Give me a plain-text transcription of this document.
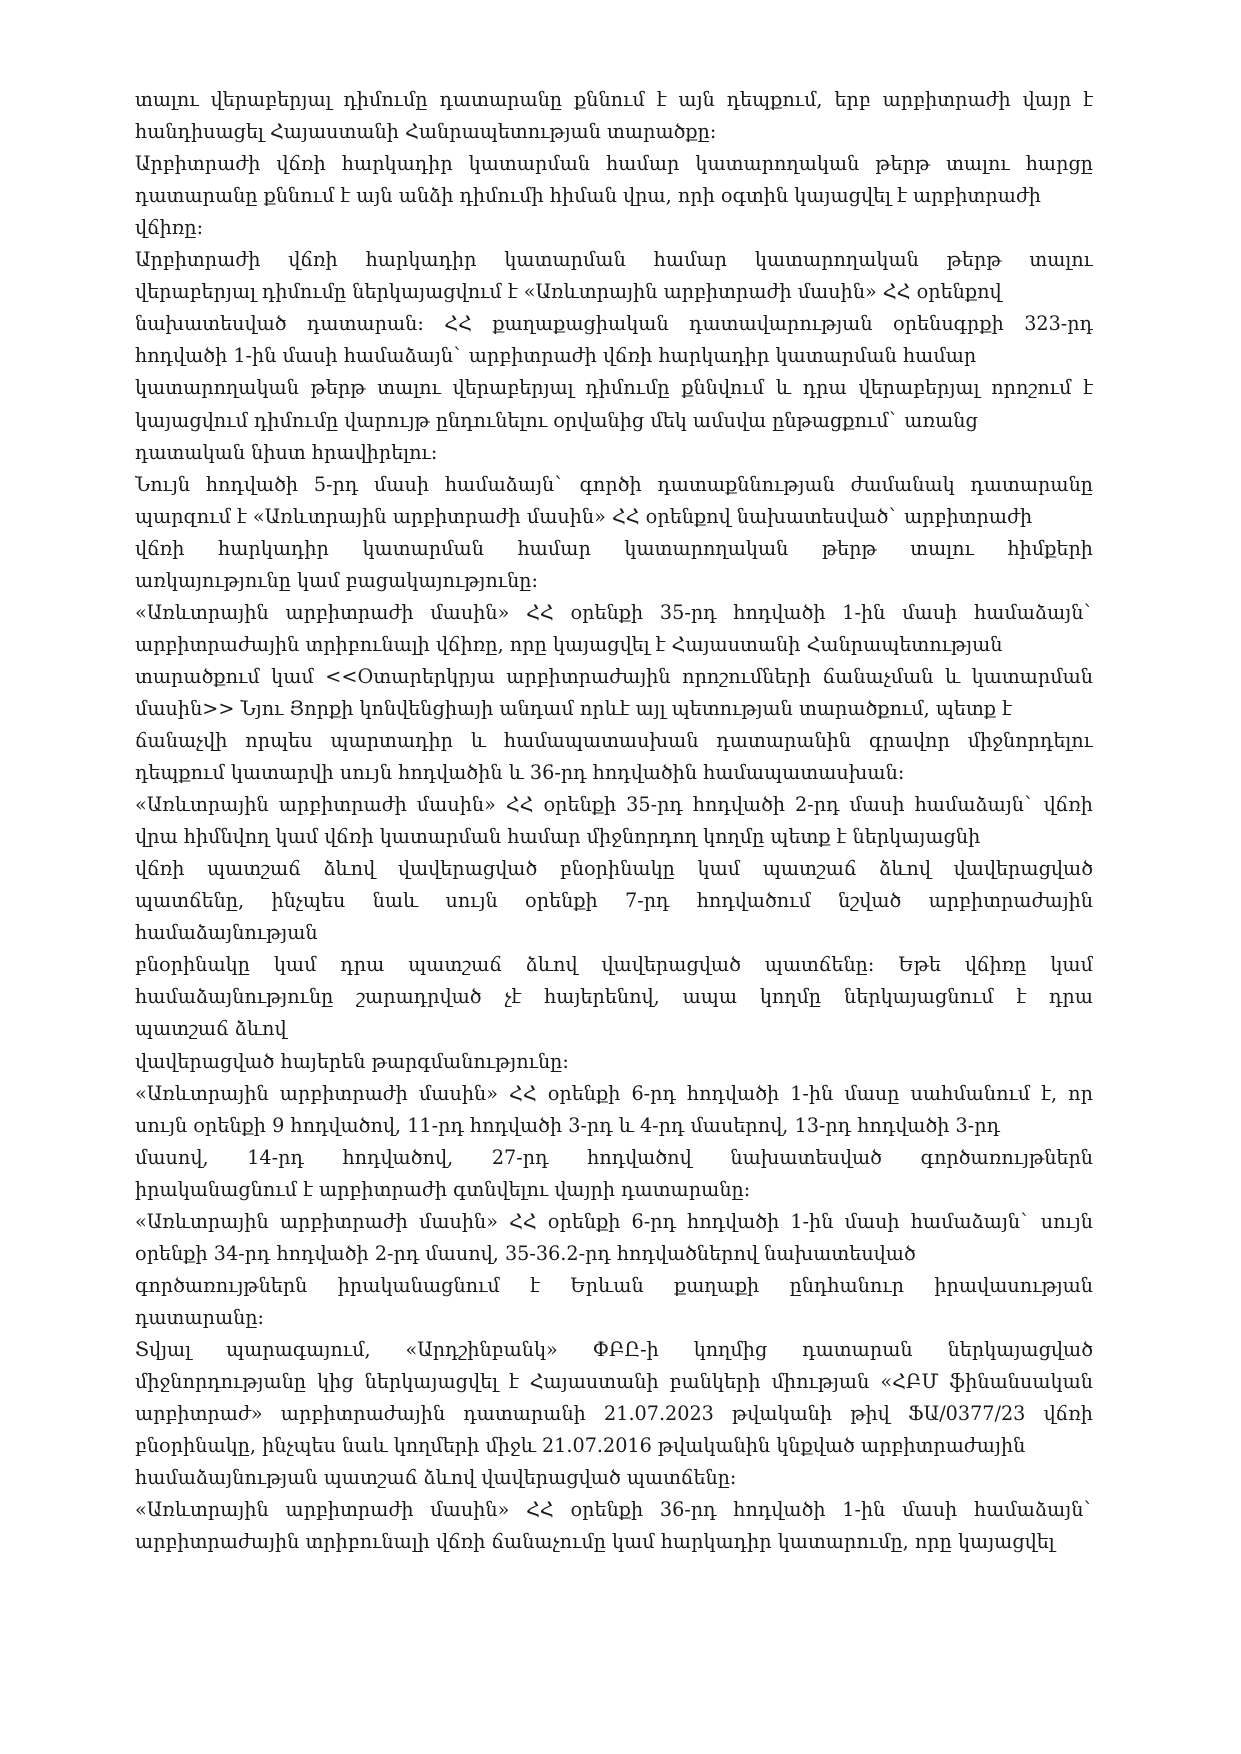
տալու վերաբերյալ դիմումը դատարանը քննում է այն դեպքում, երբ արբիտրաժի վայր է
հանդիսացել Հայաստանի Հանրապետության տարածքը:
Արբիտրաժի վճռի հարկադիր կատարման համար կատարողական թերթ տալու հարցը
դատարանը քննում է այն անձի դիմումի հիման վրա, որի օգտին կայացվել է արբիտրաժի
վճիռը:
Արբիտրաժի վճռի հարկադիր կատարման համար կատարողական թերթ տալու
վերաբերյալ դիմումը ներկայացվում է «Առևտրային արբիտրաժի մասին» ՀՀ օրենքով
նախատեսված դատարան: ՀՀ քաղաքացիական դատավարության օրենսգրքի 323-րդ
հոդվածի 1-ին մասի համաձայն` արբիտրաժի վճռի հարկադիր կատարման համար
կատարողական թերթ տալու վերաբերյալ դիմումը քննվում և դրա վերաբերյալ որոշում է
կայացվում դիմումը վարույթ ընդունելու օրվանից մեկ ամսվա ընթացքում` առանց
դատական նիստ հրավիրելու:
Նույն հոդվածի 5-րդ մասի համաձայն` գործի դատաքննության ժամանակ դատարանը
պարզում է «Առևտրային արբիտրաժի մասին» ՀՀ օրենքով նախատեսված` արբիտրաժի
վճռի հարկադիր կատարման համար կատարողական թերթ տալու հիմքերի
առկայությունը կամ բացակայությունը:
«Առևտրային արբիտրաժի մասին» ՀՀ օրենքի 35-րդ հոդվածի 1-ին մասի համաձայն`
արբիտրաժային տրիբունալի վճիռը, որը կայացվել է Հայաստանի Հանրապետության
տարածքում կամ <<Օտարերկրյա արբիտրաժային որոշումների ճանաչման և կատարման
մասին>> Նյու Յորքի կոնվենցիայի անդամ որևէ այլ պետության տարածքում, պետք է
ճանաչվի որպես պարտադիր և համապատասխան դատարանին գրավոր միջնորդելու
դեպքում կատարվի սույն հոդվածին և 36-րդ հոդվածին համապատասխան:
«Առևտրային արբիտրաժի մասին» ՀՀ օրենքի 35-րդ հոդվածի 2-րդ մասի համաձայն` վճռի
վրա հիմնվող կամ վճռի կատարման համար միջնորդող կողմը պետք է ներկայացնի
վճռի պատշաճ ձևով վավերացված բնօրինակը կամ պատշաճ ձևով վավերացված
պատճենը, ինչպես նաև սույն օրենքի 7-րդ հոդվածում նշված արբիտրաժային
համաձայնության
բնօրինակը կամ դրա պատշաճ ձևով վավերացված պատճենը: Եթե վճիռը կամ
համաձայնությունը շարադրված չէ հայերենով, ապա կողմը ներկայացնում է դրա
պատշաճ ձևով
վավերացված հայերեն թարգմանությունը:
«Առևտրային արբիտրաժի մասին» ՀՀ օրենքի 6-րդ հոդվածի 1-ին մասը սահմանում է, որ
սույն օրենքի 9 հոդվածով, 11-րդ հոդվածի 3-րդ և 4-րդ մասերով, 13-րդ հոդվածի 3-րդ
մասով, 14-րդ հոդվածով, 27-րդ հոդվածով նախատեսված գործառույթներն
իրականացնում է արբիտրաժի գտնվելու վայրի դատարանը:
«Առևտրային արբիտրաժի մասին» ՀՀ օրենքի 6-րդ հոդվածի 1-ին մասի համաձայն` սույն
օրենքի 34-րդ հոդվածի 2-րդ մասով, 35-36.2-րդ հոդվածներով նախատեսված
գործառույթներն իրականացնում է Երևան քաղաքի ընդհանուր իրավասության
դատարանը:
Տվյալ պարագայում, «Արդշինբանկ» ՓԲԸ-ի կողմից դատարան ներկայացված
միջնորդությանը կից ներկայացվել է Հայաստանի բանկերի միության «ՀԲՄ ֆինանսական
արբիտրաժ» արբիտրաժային դատարանի 21.07.2023 թվականի թիվ ՖԱ/0377/23 վճռի
բնօրինակը, ինչպես նաև կողմերի միջև 21.07.2016 թվականին կնքված արբիտրաժային
համաձայնության պատշաճ ձևով վավերացված պատճենը:
«Առևտրային արբիտրաժի մասին» ՀՀ օրենքի 36-րդ հոդվածի 1-ին մասի համաձայն`
արբիտրաժային տրիբունալի վճռի ճանաչումը կամ հարկադիր կատարումը, որը կայացվել
